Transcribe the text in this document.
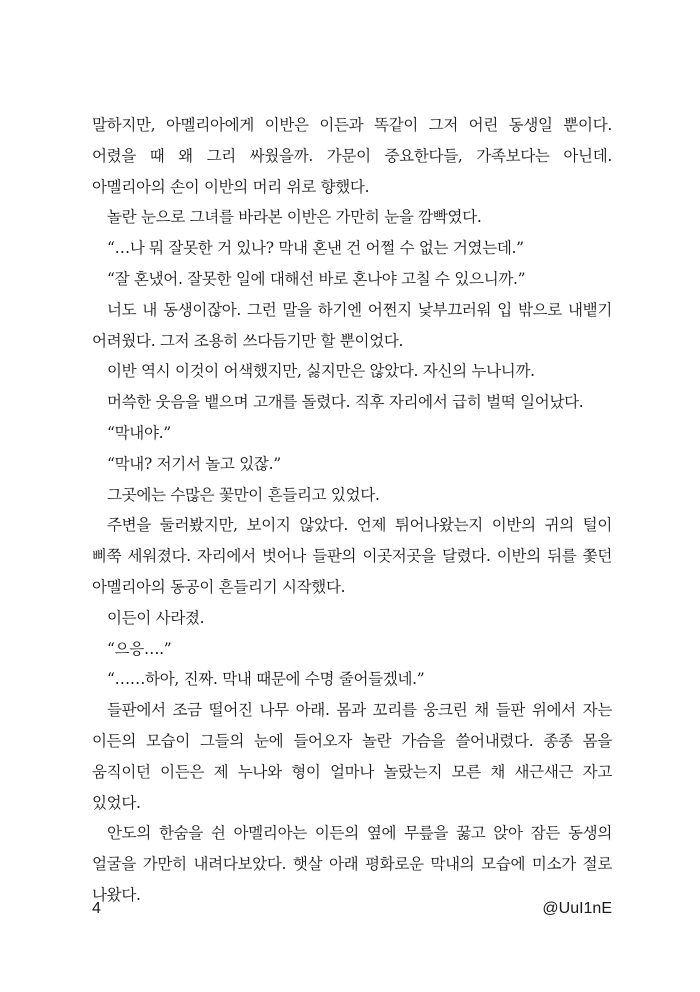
말하지만, 아멜리아에게 이반은 이든과 똑같이 그저 어린 동생일 뿐이다. 어렸을 때 왜 그리 싸웠을까. 가문이 중요한다들, 가족보다는 아닌데. 아멜리아의 손이 이반의 머리 위로 향했다.

놀란 눈으로 그녀를 바라본 이반은 가만히 눈을 깜빡였다.

“…나 뭐 잘못한 거 있나? 막내 혼낸 건 어쩔 수 없는 거였는데.”

“잘 혼냈어. 잘못한 일에 대해선 바로 혼나야 고칠 수 있으니까.”

너도 내 동생이잖아. 그런 말을 하기엔 어쩐지 낯부끄러워 입 밖으로 내뱉기 어려웠다. 그저 조용히 쓰다듬기만 할 뿐이었다.

이반 역시 이것이 어색했지만, 싫지만은 않았다. 자신의 누나니까.

머쓱한 웃음을 뱉으며 고개를 돌렸다. 직후 자리에서 급히 벌떡 일어났다.

“막내야.”

“막내? 저기서 놀고 있잖.”

그곳에는 수많은 꽃만이 흔들리고 있었다.

주변을 둘러봤지만, 보이지 않았다. 언제 튀어나왔는지 이반의 귀의 털이 삐쭉 세워졌다. 자리에서 벗어나 들판의 이곳저곳을 달렸다. 이반의 뒤를 쫓던 아멜리아의 동공이 흔들리기 시작했다.

이든이 사라졌.

“으응….”

“……하아, 진짜. 막내 때문에 수명 줄어들겠네.”

들판에서 조금 떨어진 나무 아래. 몸과 꼬리를 웅크린 채 들판 위에서 자는 이든의 모습이 그들의 눈에 들어오자 놀란 가슴을 쓸어내렸다. 종종 몸을 움직이던 이든은 제 누나와 형이 얼마나 놀랐는지 모른 채 새근새근 자고 있었다.

안도의 한숨을 쉰 아멜리아는 이든의 옆에 무릎을 꿇고 앉아 잠든 동생의 얼굴을 가만히 내려다보았다. 햇살 아래 평화로운 막내의 모습에 미소가 절로 나왔다.

4	@UuI1nE
